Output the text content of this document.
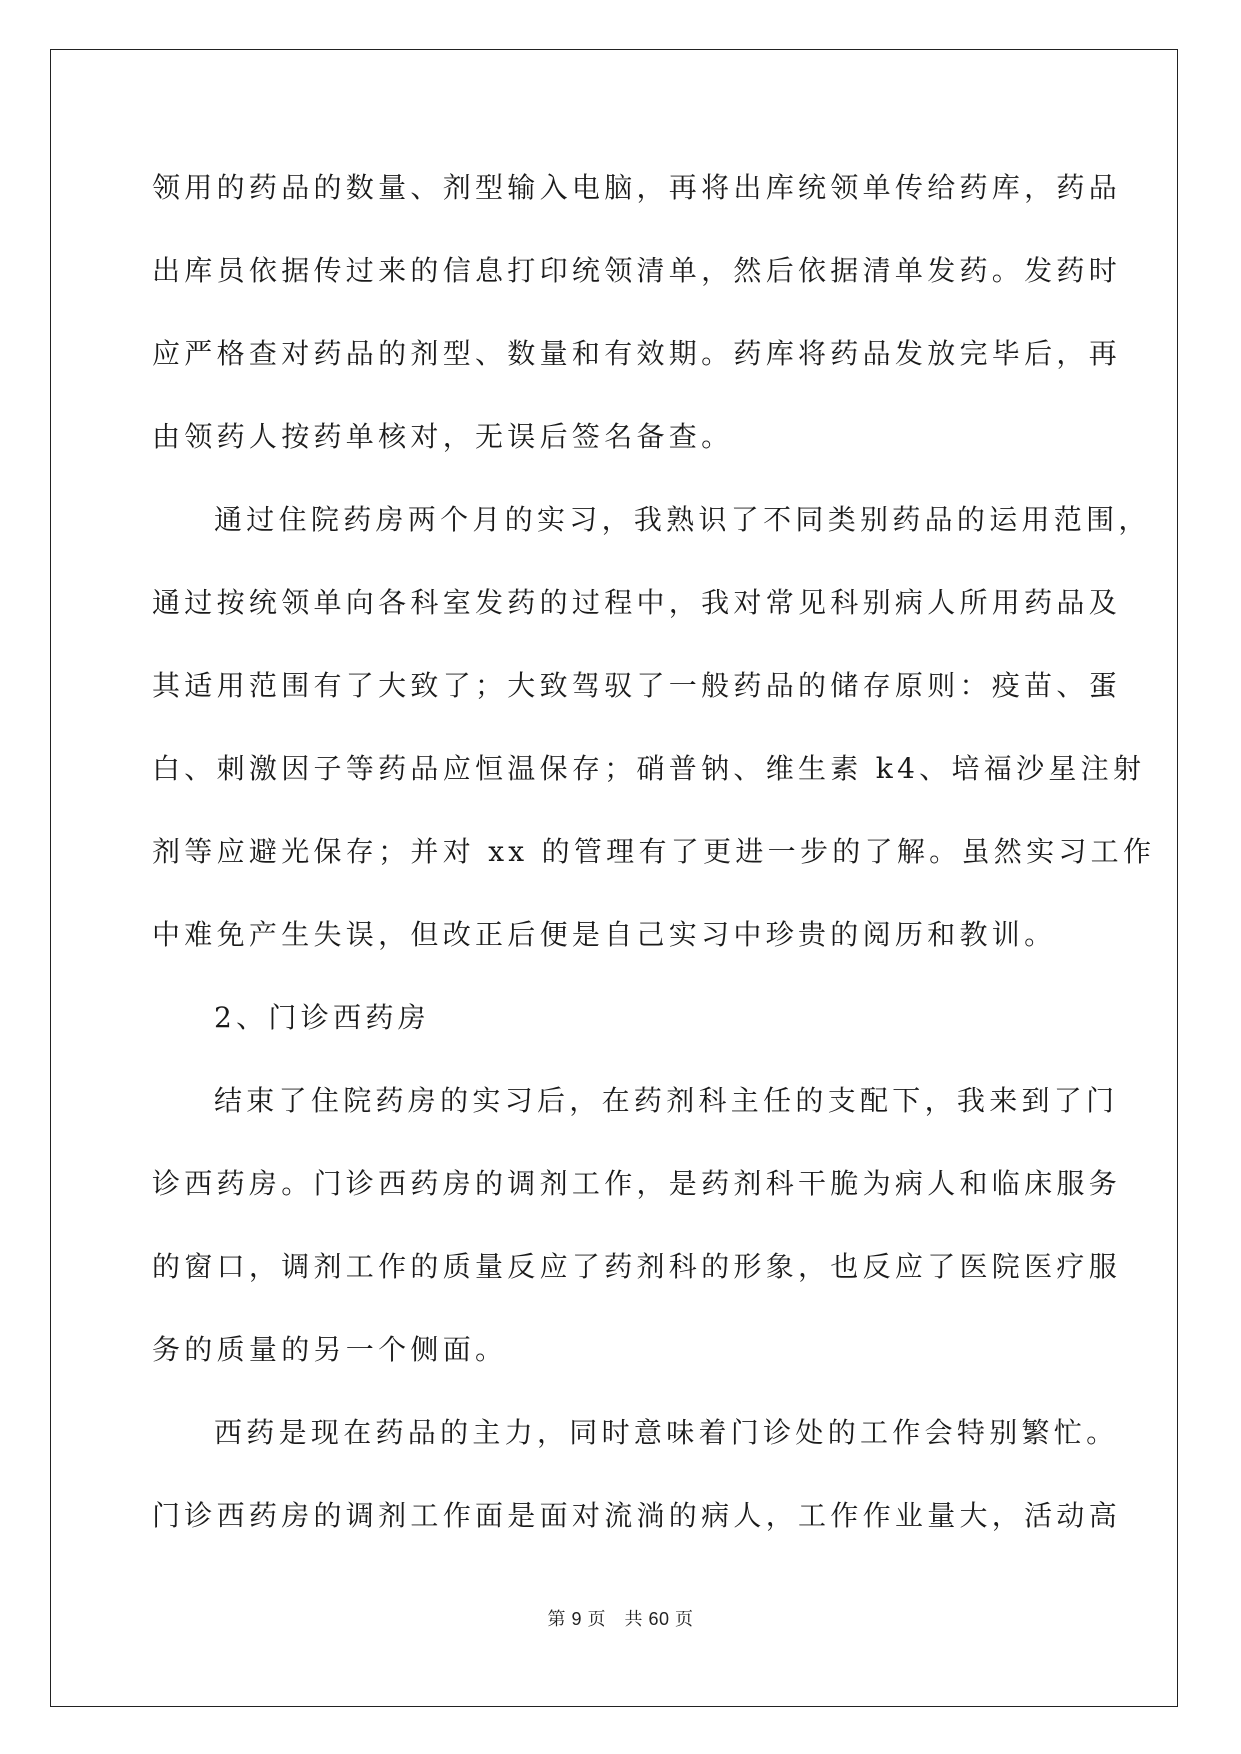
领用的药品的数量、剂型输入电脑，再将出库统领单传给药库，药品
出库员依据传过来的信息打印统领清单，然后依据清单发药。发药时
应严格查对药品的剂型、数量和有效期。药库将药品发放完毕后，再
由领药人按药单核对，无误后签名备查。
通过住院药房两个月的实习，我熟识了不同类别药品的运用范围，
通过按统领单向各科室发药的过程中，我对常见科别病人所用药品及
其适用范围有了大致了；大致驾驭了一般药品的储存原则：疫苗、蛋
白、刺激因子等药品应恒温保存；硝普钠、维生素 k4、培福沙星注射
剂等应避光保存；并对 xx 的管理有了更进一步的了解。虽然实习工作
中难免产生失误，但改正后便是自己实习中珍贵的阅历和教训。
2、门诊西药房
结束了住院药房的实习后，在药剂科主任的支配下，我来到了门
诊西药房。门诊西药房的调剂工作，是药剂科干脆为病人和临床服务
的窗口，调剂工作的质量反应了药剂科的形象，也反应了医院医疗服
务的质量的另一个侧面。
西药是现在药品的主力，同时意味着门诊处的工作会特别繁忙。
门诊西药房的调剂工作面是面对流淌的病人，工作作业量大，活动高
第 9 页　共 60 页
